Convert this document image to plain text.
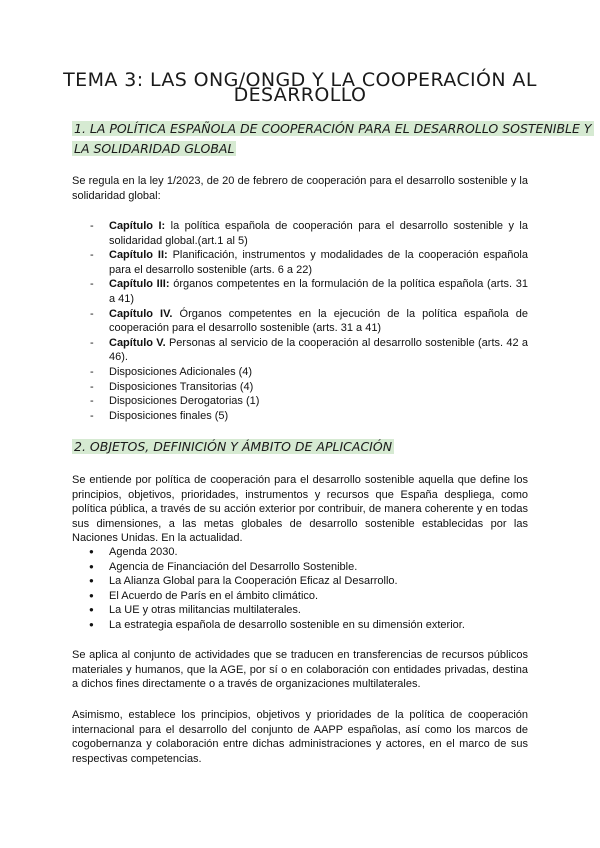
TEMA 3: LAS ONG/ONGD Y LA COOPERACIÓN AL DESARROLLO
1. LA POLÍTICA ESPAÑOLA DE COOPERACIÓN PARA EL DESARROLLO SOSTENIBLE Y
LA SOLIDARIDAD GLOBAL
Se regula en la ley 1/2023, de 20 de febrero de cooperación para el desarrollo sostenible y la solidaridad global:
- Capítulo I: la política española de cooperación para el desarrollo sostenible y la solidaridad global.(art.1 al 5)
- Capítulo II: Planificación, instrumentos y modalidades de la cooperación española para el desarrollo sostenible (arts. 6 a 22)
- Capítulo III: órganos competentes en la formulación de la política española (arts. 31 a 41)
- Capítulo IV. Órganos competentes en la ejecución de la política española de cooperación para el desarrollo sostenible (arts. 31 a 41)
- Capítulo V. Personas al servicio de la cooperación al desarrollo sostenible (arts. 42 a 46).
- Disposiciones Adicionales (4)
- Disposiciones Transitorias (4)
- Disposiciones Derogatorias (1)
- Disposiciones finales (5)
2. OBJETOS, DEFINICIÓN Y ÁMBITO DE APLICACIÓN
Se entiende por política de cooperación para el desarrollo sostenible aquella que define los principios, objetivos, prioridades, instrumentos y recursos que España despliega, como política pública, a través de su acción exterior por contribuir, de manera coherente y en todas sus dimensiones, a las metas globales de desarrollo sostenible establecidas por las Naciones Unidas. En la actualidad.
● Agenda 2030.
● Agencia de Financiación del Desarrollo Sostenible.
● La Alianza Global para la Cooperación Eficaz al Desarrollo.
● El Acuerdo de París en el ámbito climático.
● La UE y otras militancias multilaterales.
● La estrategia española de desarrollo sostenible en su dimensión exterior.
Se aplica al conjunto de actividades que se traducen en transferencias de recursos públicos materiales y humanos, que la AGE, por sí o en colaboración con entidades privadas, destina a dichos fines directamente o a través de organizaciones multilaterales.
Asimismo, establece los principios, objetivos y prioridades de la política de cooperación internacional para el desarrollo del conjunto de AAPP españolas, así como los marcos de cogobernanza y colaboración entre dichas administraciones y actores, en el marco de sus respectivas competencias.
